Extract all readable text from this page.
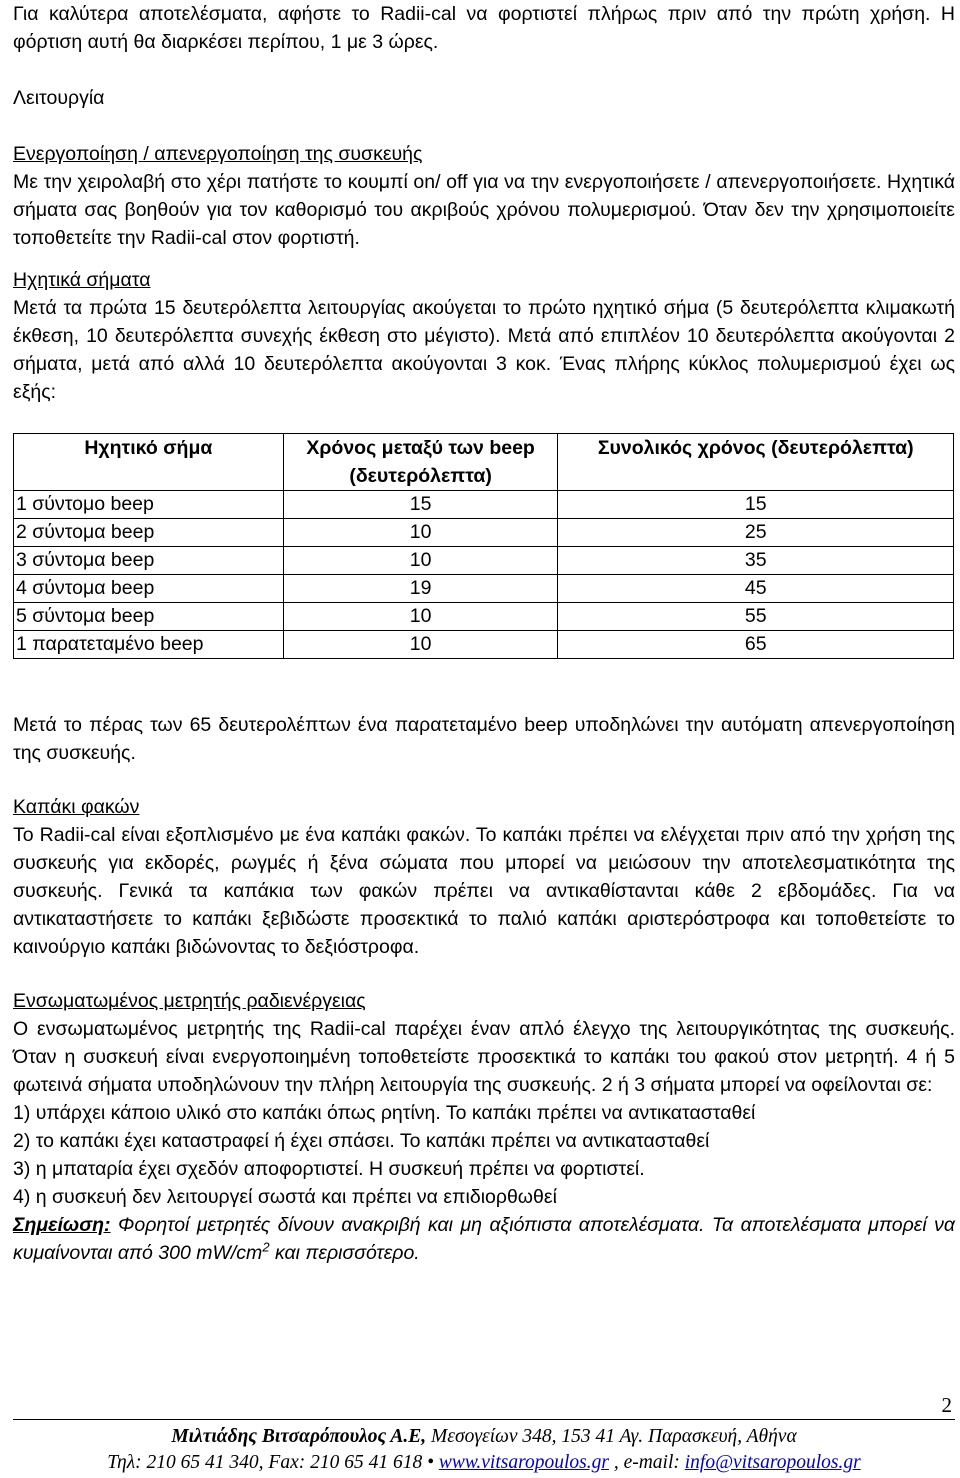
Για καλύτερα αποτελέσματα, αφήστε το Radii-cal να φορτιστεί πλήρως πριν από την πρώτη χρήση. Η φόρτιση αυτή θα διαρκέσει περίπου, 1 με 3 ώρες.

Λειτουργία

Ενεργοποίηση / απενεργοποίηση της συσκευής

Με την χειρολαβή στο χέρι πατήστε το κουμπί on/ off για να την ενεργοποιήσετε / απενεργοποιήσετε. Ηχητικά σήματα σας βοηθούν για τον καθορισμό του ακριβούς χρόνου πολυμερισμού. Όταν δεν την χρησιμοποιείτε τοποθετείτε την Radii-cal στον φορτιστή.

Ηχητικά σήματα

Μετά τα πρώτα 15 δευτερόλεπτα λειτουργίας ακούγεται το πρώτο ηχητικό σήμα (5 δευτερόλεπτα κλιμακωτή έκθεση, 10 δευτερόλεπτα συνεχής έκθεση στο μέγιστο). Μετά από επιπλέον 10 δευτερόλεπτα ακούγονται 2 σήματα, μετά από αλλά 10 δευτερόλεπτα ακούγονται 3 κοκ. Ένας πλήρης κύκλος πολυμερισμού έχει ως εξής:

Ηχητικό σήμα	Χρόνος μεταξύ των beep (δευτερόλεπτα)	Συνολικός χρόνος (δευτερόλεπτα)
1 σύντομο beep	15	15
2 σύντομα beep	10	25
3 σύντομα beep	10	35
4 σύντομα beep	19	45
5 σύντομα beep	10	55
1 παρατεταμένο beep	10	65

Μετά το πέρας των 65 δευτερολέπτων ένα παρατεταμένο beep υποδηλώνει την αυτόματη απενεργοποίηση της συσκευής.

Καπάκι φακών

Το Radii-cal είναι εξοπλισμένο με ένα καπάκι φακών. Το καπάκι πρέπει να ελέγχεται πριν από την χρήση της συσκευής για εκδορές, ρωγμές ή ξένα σώματα που μπορεί να μειώσουν την αποτελεσματικότητα της συσκευής. Γενικά τα καπάκια των φακών πρέπει να αντικαθίστανται κάθε 2 εβδομάδες. Για να αντικαταστήσετε το καπάκι ξεβιδώστε προσεκτικά το παλιό καπάκι αριστερόστροφα και τοποθετείστε το καινούργιο καπάκι βιδώνοντας το δεξιόστροφα.

Ενσωματωμένος μετρητής ραδιενέργειας

Ο ενσωματωμένος μετρητής της Radii-cal παρέχει έναν απλό έλεγχο της λειτουργικότητας της συσκευής. Όταν η συσκευή είναι ενεργοποιημένη τοποθετείστε προσεκτικά το καπάκι του φακού στον μετρητή. 4 ή 5 φωτεινά σήματα υποδηλώνουν την πλήρη λειτουργία της συσκευής. 2 ή 3 σήματα μπορεί να οφείλονται σε:

1) υπάρχει κάποιο υλικό στο καπάκι όπως ρητίνη. Το καπάκι πρέπει να αντικατασταθεί

2) το καπάκι έχει καταστραφεί ή έχει σπάσει. Το καπάκι πρέπει να αντικατασταθεί

3) η μπαταρία έχει σχεδόν αποφορτιστεί. Η συσκευή πρέπει να φορτιστεί.

4) η συσκευή δεν λειτουργεί σωστά και πρέπει να επιδιορθωθεί

Σημείωση: Φορητοί μετρητές δίνουν ανακριβή και μη αξιόπιστα αποτελέσματα. Τα αποτελέσματα μπορεί να κυμαίνονται από 300 $mW/cm^2$ και περισσότερο.

2
Μιλτιάδης Βιτσαρόπουλος Α.Ε, Μεσογείων 348, 153 41 Αγ. Παρασκευή, Αθήνα
Τηλ: 210 65 41 340, Fax: 210 65 41 618 • www.vitsaropoulos.gr , e-mail: info@vitsaropoulos.gr
